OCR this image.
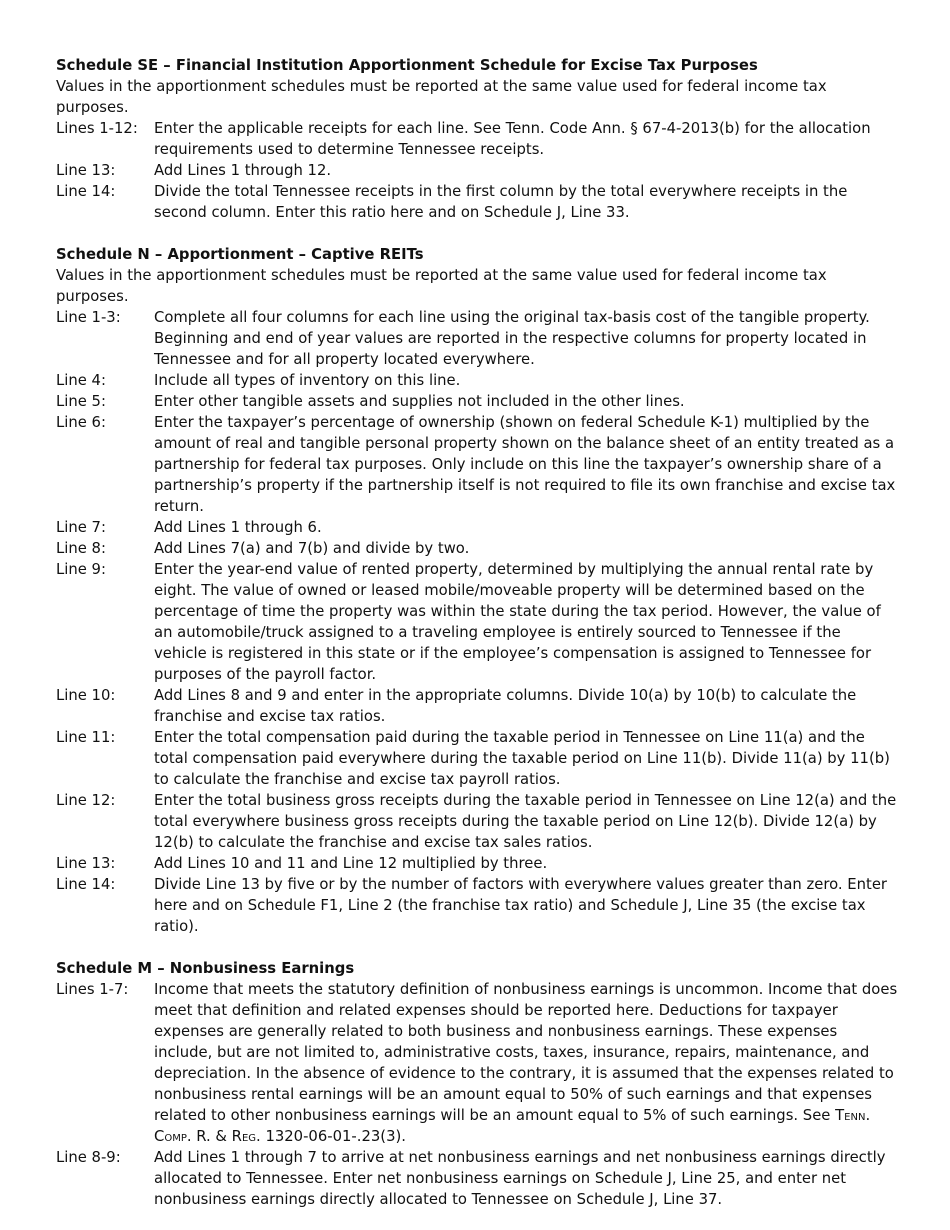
Schedule SE – Financial Institution Apportionment Schedule for Excise Tax Purposes
Values in the apportionment schedules must be reported at the same value used for federal income tax purposes.
Lines 1-12:	Enter the applicable receipts for each line. See Tenn. Code Ann. § 67-4-2013(b) for the allocation requirements used to determine Tennessee receipts.
Line 13:	Add Lines 1 through 12.
Line 14:	Divide the total Tennessee receipts in the first column by the total everywhere receipts in the second column. Enter this ratio here and on Schedule J, Line 33.
Schedule N – Apportionment – Captive REITs
Values in the apportionment schedules must be reported at the same value used for federal income tax purposes.
Line 1-3:	Complete all four columns for each line using the original tax-basis cost of the tangible property. Beginning and end of year values are reported in the respective columns for property located in Tennessee and for all property located everywhere.
Line 4:	Include all types of inventory on this line.
Line 5:	Enter other tangible assets and supplies not included in the other lines.
Line 6:	Enter the taxpayer’s percentage of ownership (shown on federal Schedule K-1) multiplied by the amount of real and tangible personal property shown on the balance sheet of an entity treated as a partnership for federal tax purposes. Only include on this line the taxpayer’s ownership share of a partnership’s property if the partnership itself is not required to file its own franchise and excise tax return.
Line 7:	Add Lines 1 through 6.
Line 8:	Add Lines 7(a) and 7(b) and divide by two.
Line 9:	Enter the year-end value of rented property, determined by multiplying the annual rental rate by eight. The value of owned or leased mobile/moveable property will be determined based on the percentage of time the property was within the state during the tax period. However, the value of an automobile/truck assigned to a traveling employee is entirely sourced to Tennessee if the vehicle is registered in this state or if the employee’s compensation is assigned to Tennessee for purposes of the payroll factor.
Line 10:	Add Lines 8 and 9 and enter in the appropriate columns. Divide 10(a) by 10(b) to calculate the franchise and excise tax ratios.
Line 11:	Enter the total compensation paid during the taxable period in Tennessee on Line 11(a) and the total compensation paid everywhere during the taxable period on Line 11(b). Divide 11(a) by 11(b) to calculate the franchise and excise tax payroll ratios.
Line 12:	Enter the total business gross receipts during the taxable period in Tennessee on Line 12(a) and the total everywhere business gross receipts during the taxable period on Line 12(b). Divide 12(a) by 12(b) to calculate the franchise and excise tax sales ratios.
Line 13:	Add Lines 10 and 11 and Line 12 multiplied by three.
Line 14:	Divide Line 13 by five or by the number of factors with everywhere values greater than zero. Enter here and on Schedule F1, Line 2 (the franchise tax ratio) and Schedule J, Line 35 (the excise tax ratio).
Schedule M – Nonbusiness Earnings
Lines 1-7:	Income that meets the statutory definition of nonbusiness earnings is uncommon. Income that does meet that definition and related expenses should be reported here. Deductions for taxpayer expenses are generally related to both business and nonbusiness earnings. These expenses include, but are not limited to, administrative costs, taxes, insurance, repairs, maintenance, and depreciation. In the absence of evidence to the contrary, it is assumed that the expenses related to nonbusiness rental earnings will be an amount equal to 50% of such earnings and that expenses related to other nonbusiness earnings will be an amount equal to 5% of such earnings. See Tenn. Comp. R. & Reg. 1320-06-01-.23(3).
Line 8-9:	Add Lines 1 through 7 to arrive at net nonbusiness earnings and net nonbusiness earnings directly allocated to Tennessee. Enter net nonbusiness earnings on Schedule J, Line 25, and enter net nonbusiness earnings directly allocated to Tennessee on Schedule J, Line 37.
